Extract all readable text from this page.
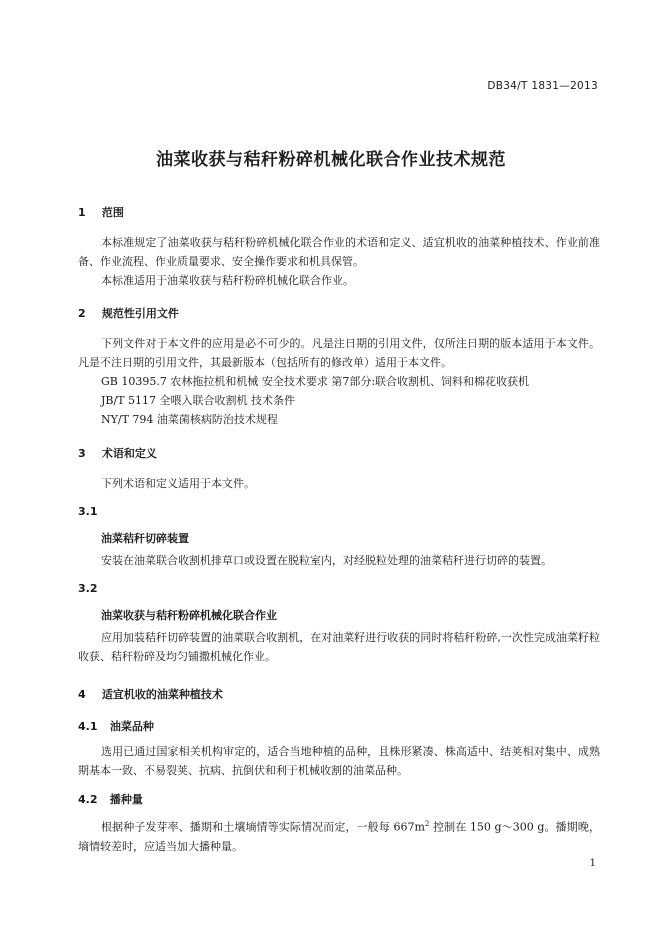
DB34/T 1831—2013
油菜收获与秸秆粉碎机械化联合作业技术规范
1 范围
本标准规定了油菜收获与秸秆粉碎机械化联合作业的术语和定义、适宜机收的油菜种植技术、作业前准备、作业流程、作业质量要求、安全操作要求和机具保管。
本标准适用于油菜收获与秸秆粉碎机械化联合作业。
2 规范性引用文件
下列文件对于本文件的应用是必不可少的。凡是注日期的引用文件，仅所注日期的版本适用于本文件。凡是不注日期的引用文件，其最新版本（包括所有的修改单）适用于本文件。
GB 10395.7 农林拖拉机和机械 安全技术要求 第7部分:联合收割机、饲料和棉花收获机
JB/T 5117 全喂入联合收割机 技术条件
NY/T 794 油菜菌核病防治技术规程
3 术语和定义
下列术语和定义适用于本文件。
3.1
油菜秸秆切碎装置
安装在油菜联合收割机排草口或设置在脱粒室内，对经脱粒处理的油菜秸秆进行切碎的装置。
3.2
油菜收获与秸秆粉碎机械化联合作业
应用加装秸秆切碎装置的油菜联合收割机，在对油菜籽进行收获的同时将秸秆粉碎,一次性完成油菜籽粒收获、秸秆粉碎及均匀铺撒机械化作业。
4 适宜机收的油菜种植技术
4.1 油菜品种
选用已通过国家相关机构审定的，适合当地种植的品种，且株形紧凑、株高适中、结荚相对集中、成熟期基本一致、不易裂荚、抗病、抗倒伏和利于机械收割的油菜品种。
4.2 播种量
根据种子发芽率、播期和土壤墒情等实际情况而定，一般每 $667m^2$ 控制在 150 g～300 g。播期晚，墒情较差时，应适当加大播种量。
1
